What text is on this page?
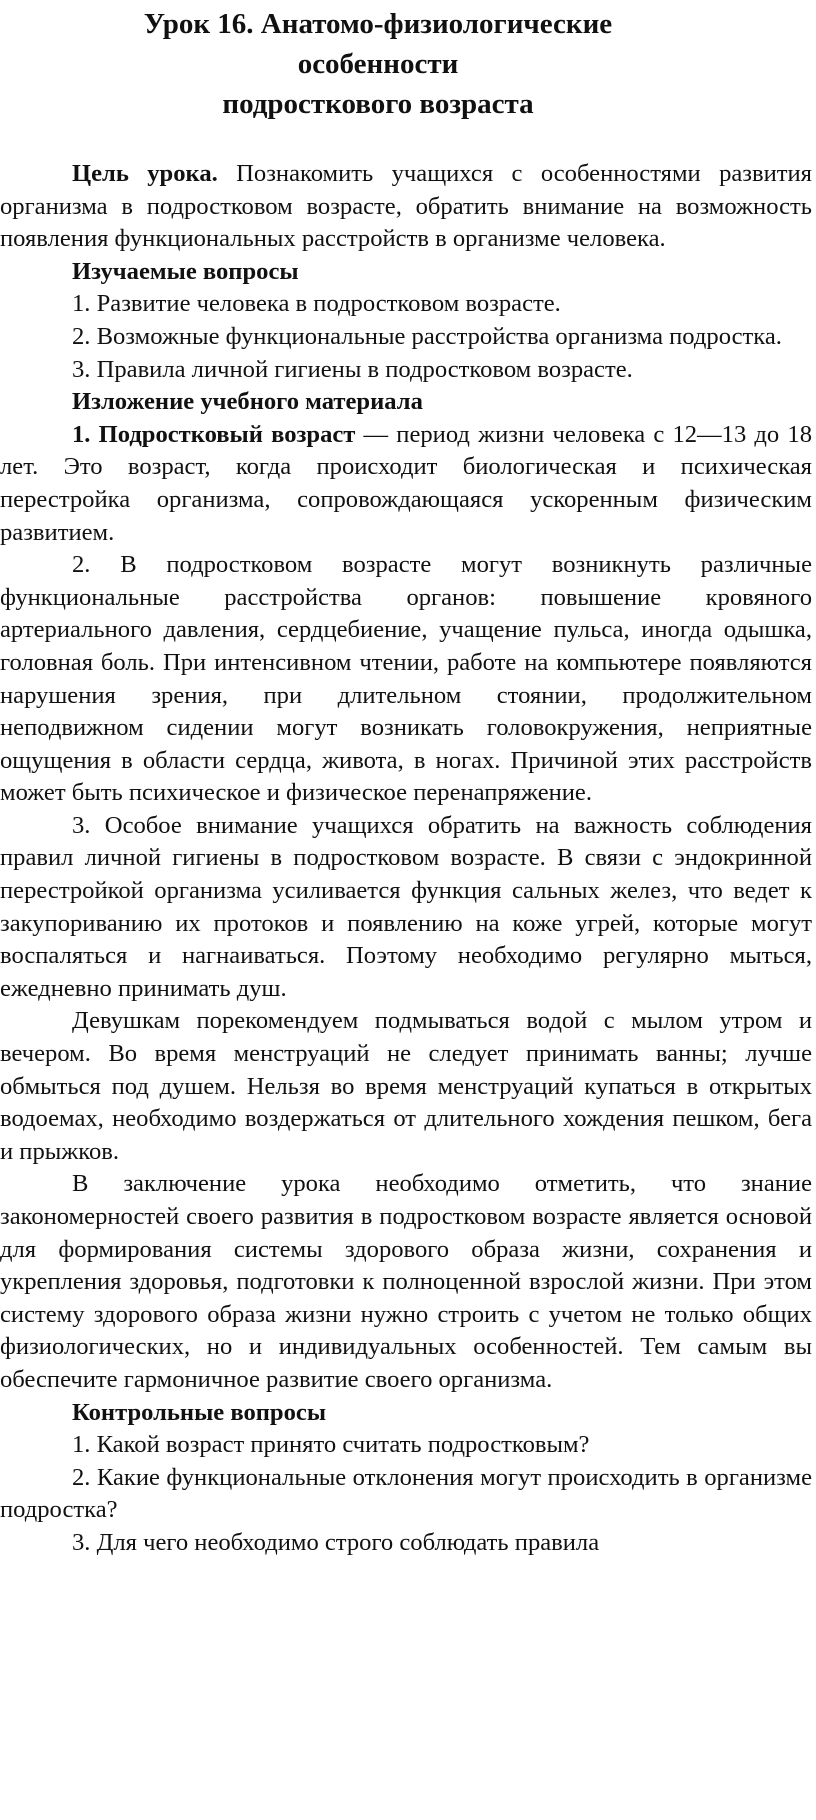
Урок 16. Анатомо-физиологические
особенности
подросткового возраста

Цель урока. Познакомить учащихся с особенностями развития организма в подростковом возрасте, обратить внимание на возможность появления функциональных расстройств в организме человека.

Изучаемые вопросы

1. Развитие человека в подростковом возрасте.

2. Возможные функциональные расстройства организма подростка.

3. Правила личной гигиены в подростковом возрасте.

Изложение учебного материала

1. Подростковый возраст — период жизни человека с 12—13 до 18 лет. Это возраст, когда происходит биологическая и психическая перестройка организма, сопровождающаяся ускоренным физическим развитием.

2. В подростковом возрасте могут возникнуть различные функциональные расстройства органов: повышение кровяного артериального давления, сердцебиение, учащение пульса, иногда одышка, головная боль. При интенсивном чтении, работе на компьютере появляются нарушения зрения, при длительном стоянии, продолжительном неподвижном сидении могут возникать головокружения, неприятные ощущения в области сердца, живота, в ногах. Причиной этих расстройств может быть психическое и физическое перенапряжение.

3. Особое внимание учащихся обратить на важность соблюдения правил личной гигиены в подростковом возрасте. В связи с эндокринной перестройкой организма усиливается функция сальных желез, что ведет к закупориванию их протоков и появлению на коже угрей, которые могут воспаляться и нагнаиваться. Поэтому необходимо регулярно мыться, ежедневно принимать душ.

Девушкам порекомендуем подмываться водой с мылом утром и вечером. Во время менструаций не следует принимать ванны; лучше обмыться под душем. Нельзя во время менструаций купаться в открытых водоемах, необходимо воздержаться от длительного хождения пешком, бега и прыжков.

В заключение урока необходимо отметить, что знание закономерностей своего развития в подростковом возрасте является основой для формирования системы здорового образа жизни, сохранения и укрепления здоровья, подготовки к полноценной взрослой жизни. При этом систему здорового образа жизни нужно строить с учетом не только общих физиологических, но и индивидуальных особенностей. Тем самым вы обеспечите гармоничное развитие своего организма.

Контрольные вопросы

1. Какой возраст принято считать подростковым?

2. Какие функциональные отклонения могут происходить в организме подростка?

3. Для чего необходимо строго соблюдать правила
